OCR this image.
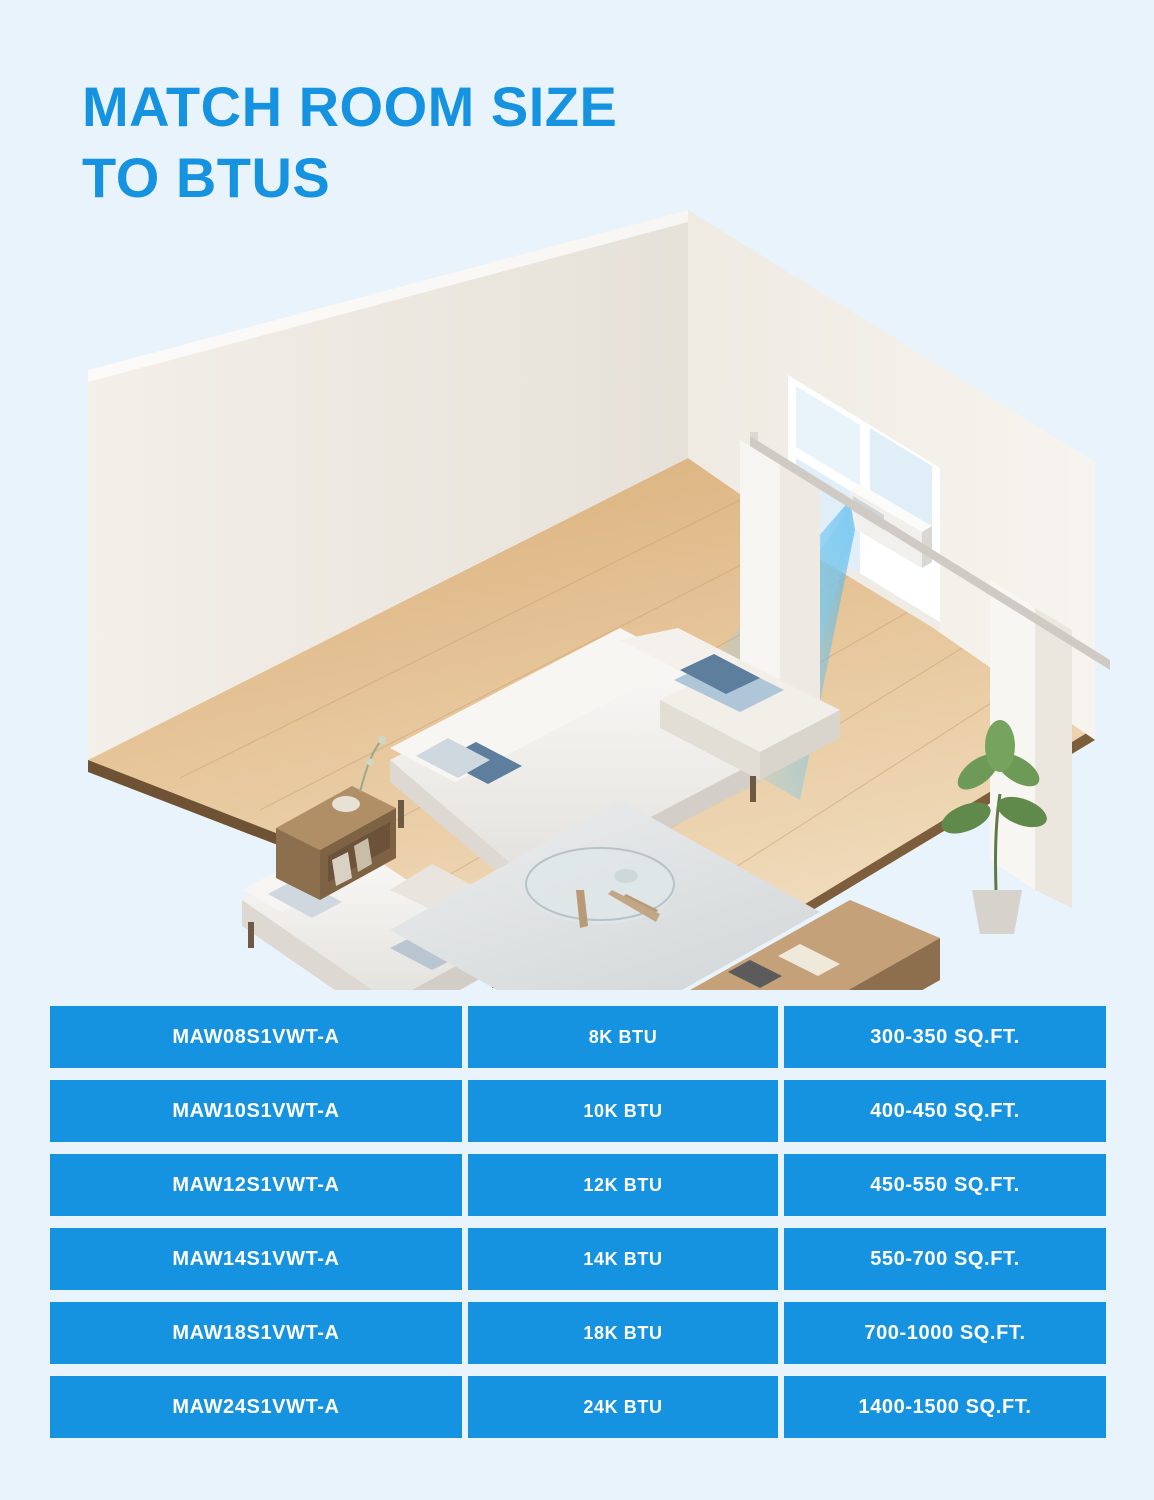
MATCH ROOM SIZE
TO BTUS
MAW08S1VWT-A	8K BTU	300-350 SQ.FT.
MAW10S1VWT-A	10K BTU	400-450 SQ.FT.
MAW12S1VWT-A	12K BTU	450-550 SQ.FT.
MAW14S1VWT-A	14K BTU	550-700 SQ.FT.
MAW18S1VWT-A	18K BTU	700-1000 SQ.FT.
MAW24S1VWT-A	24K BTU	1400-1500 SQ.FT.
